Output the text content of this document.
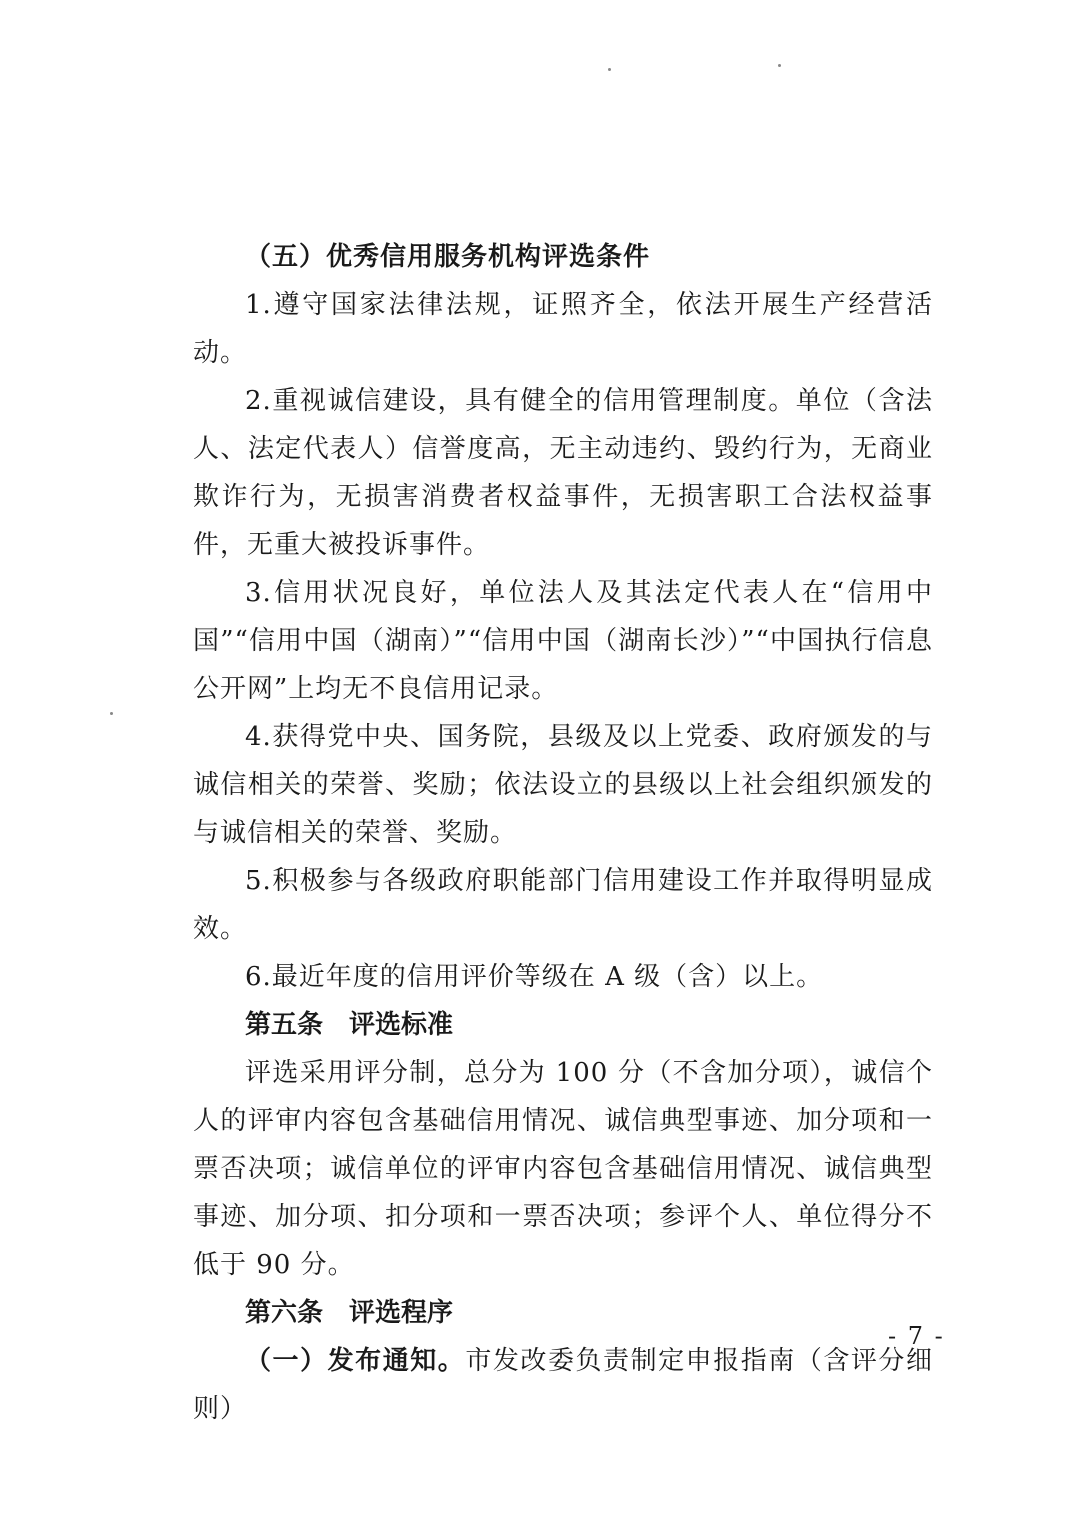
（五）优秀信用服务机构评选条件

1.遵守国家法律法规，证照齐全，依法开展生产经营活动。

2.重视诚信建设，具有健全的信用管理制度。单位（含法人、法定代表人）信誉度高，无主动违约、毁约行为，无商业欺诈行为，无损害消费者权益事件，无损害职工合法权益事件，无重大被投诉事件。

3.信用状况良好，单位法人及其法定代表人在“信用中国”“信用中国（湖南）”“信用中国（湖南长沙）”“中国执行信息公开网”上均无不良信用记录。

4.获得党中央、国务院，县级及以上党委、政府颁发的与诚信相关的荣誉、奖励；依法设立的县级以上社会组织颁发的与诚信相关的荣誉、奖励。

5.积极参与各级政府职能部门信用建设工作并取得明显成效。

6.最近年度的信用评价等级在 A 级（含）以上。

第五条 评选标准

评选采用评分制，总分为 100 分（不含加分项），诚信个人的评审内容包含基础信用情况、诚信典型事迹、加分项和一票否决项；诚信单位的评审内容包含基础信用情况、诚信典型事迹、加分项、扣分项和一票否决项；参评个人、单位得分不低于 90 分。

第六条 评选程序

（一）发布通知。市发改委负责制定申报指南（含评分细则）

- 7 -
